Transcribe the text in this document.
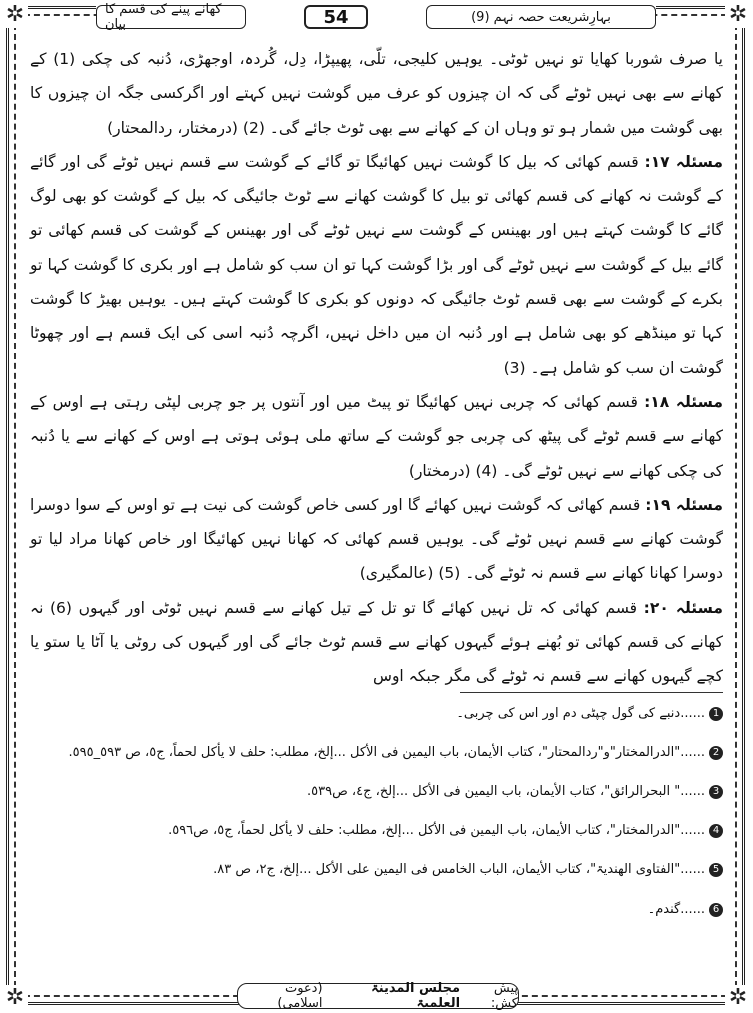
✲	✲
✲	✲
کھانے پینے کی قسم کا بیان	54	بہارِشریعت حصہ نہم (9)

یا صرف شوربا کھایا تو نہیں ٹوٹی۔ یوہیں کلیجی، تلّی، پھیپڑا، دِل، گُردہ، اوجھڑی، دُنبہ کی چکی (1) کے کھانے سے بھی نہیں ٹوٹے گی کہ ان چیزوں کو عرف میں گوشت نہیں کہتے اور اگرکسی جگہ ان چیزوں کا بھی گوشت میں شمار ہو تو وہاں ان کے کھانے سے بھی ٹوٹ جائے گی۔ (2) (درمختار، ردالمحتار)

مسئلہ ۱۷: قسم کھائی کہ بیل کا گوشت نہیں کھائیگا تو گائے کے گوشت سے قسم نہیں ٹوٹے گی اور گائے کے گوشت نہ کھانے کی قسم کھائی تو بیل کا گوشت کھانے سے ٹوٹ جائیگی کہ بیل کے گوشت کو بھی لوگ گائے کا گوشت کہتے ہیں اور بھینس کے گوشت سے نہیں ٹوٹے گی اور بھینس کے گوشت کی قسم کھائی تو گائے بیل کے گوشت سے نہیں ٹوٹے گی اور بڑا گوشت کہا تو ان سب کو شامل ہے اور بکری کا گوشت کہا تو بکرے کے گوشت سے بھی قسم ٹوٹ جائیگی کہ دونوں کو بکری کا گوشت کہتے ہیں۔ یوہیں بھیڑ کا گوشت کہا تو مینڈھے کو بھی شامل ہے اور دُنبہ ان میں داخل نہیں، اگرچہ دُنبہ اسی کی ایک قسم ہے اور چھوٹا گوشت ان سب کو شامل ہے۔ (3)

مسئلہ ۱۸: قسم کھائی کہ چربی نہیں کھائیگا تو پیٹ میں اور آنتوں پر جو چربی لپٹی رہتی ہے اوس کے کھانے سے قسم ٹوٹے گی پیٹھ کی چربی جو گوشت کے ساتھ ملی ہوئی ہوتی ہے اوس کے کھانے سے یا دُنبہ کی چکی کھانے سے نہیں ٹوٹے گی۔ (4) (درمختار)

مسئلہ ۱۹: قسم کھائی کہ گوشت نہیں کھائے گا اور کسی خاص گوشت کی نیت ہے تو اوس کے سوا دوسرا گوشت کھانے سے قسم نہیں ٹوٹے گی۔ یوہیں قسم کھائی کہ کھانا نہیں کھائیگا اور خاص کھانا مراد لیا تو دوسرا کھانا کھانے سے قسم نہ ٹوٹے گی۔ (5) (عالمگیری)

مسئلہ ۲۰: قسم کھائی کہ تل نہیں کھائے گا تو تل کے تیل کھانے سے قسم نہیں ٹوٹی اور گیہوں (6) نہ کھانے کی قسم کھائی تو بُھنے ہوئے گیہوں کھانے سے قسم ٹوٹ جائے گی اور گیہوں کی روٹی یا آٹا یا ستو یا کچے گیہوں کھانے سے قسم نہ ٹوٹے گی مگر جبکہ اوس

1
......دنبے کی گول چپٹی دم اور اس کی چربی۔
2
......"الدرالمختار"و"ردالمحتار"، کتاب الأیمان، باب الیمین فی الأکل ...إلخ، مطلب: حلف لا یأکل لحماً، ج٥، ص ٥٩٣_٥٩٥.
3
......" البحرالرائق"، کتاب الأیمان، باب الیمین فی الأکل ...إلخ، ج٤، ص٥٣٩.
4
......"الدرالمختار"، کتاب الأیمان، باب الیمین فی الأکل ...إلخ، مطلب: حلف لا یأکل لحماً، ج٥، ص٥٩٦.
5
......"الفتاوی الھندیۃ"، کتاب الأیمان، الباب الخامس فی الیمین علی الأکل ...إلخ، ج٢، ص ٨٣.
6
......گندم۔
پیش کش:
مجلس المدینۃ العلمیۃ
(دعوت اسلامی)
